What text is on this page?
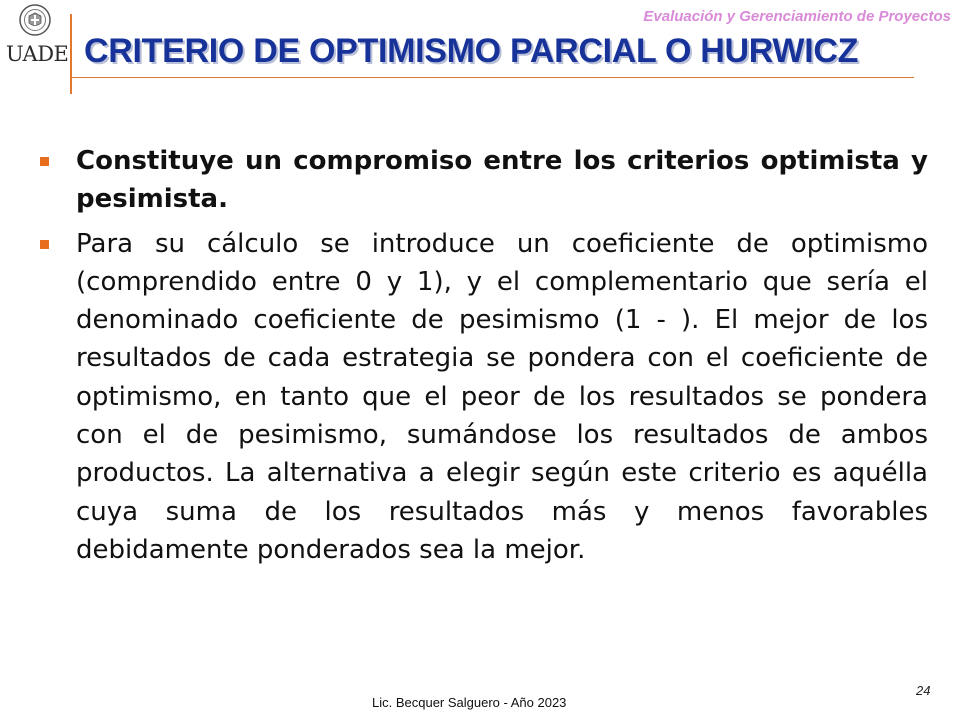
UADE
Evaluación y Gerenciamiento de Proyectos
CRITERIO DE OPTIMISMO PARCIAL O HURWICZ
Constituye un compromiso entre los criterios optimista y pesimista.
Para su cálculo se introduce un coeficiente de optimismo (comprendido entre 0 y 1), y el complementario que sería el denominado coeficiente de pesimismo (1 - ). El mejor de los resultados de cada estrategia se pondera con el coeficiente de optimismo, en tanto que el peor de los resultados se pondera con el de pesimismo, sumándose los resultados de ambos productos. La alternativa a elegir según este criterio es aquélla cuya suma de los resultados más y menos favorables debidamente ponderados sea la mejor.
Lic. Becquer Salguero - Año 2023
24
